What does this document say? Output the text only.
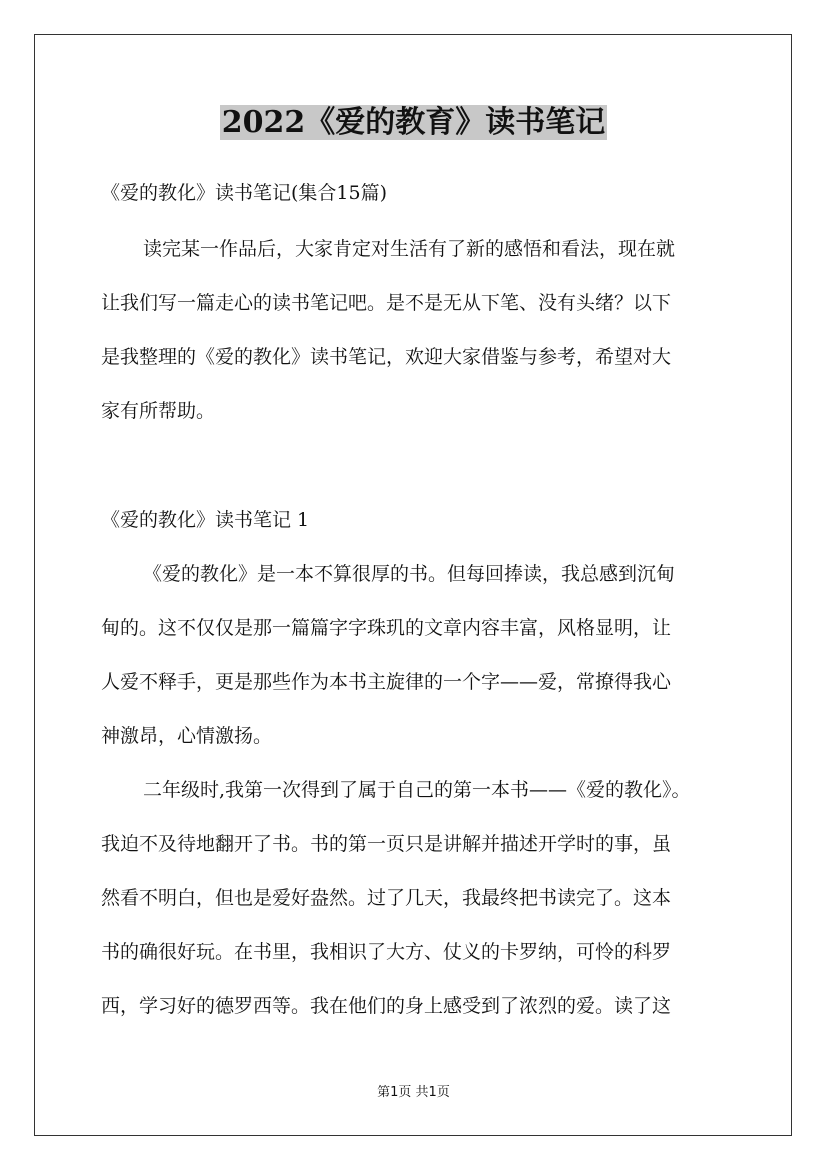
2022《爱的教育》读书笔记
《爱的教化》读书笔记(集合15篇)
读完某一作品后，大家肯定对生活有了新的感悟和看法，现在就
让我们写一篇走心的读书笔记吧。是不是无从下笔、没有头绪？以下
是我整理的《爱的教化》读书笔记，欢迎大家借鉴与参考，希望对大
家有所帮助。
《爱的教化》读书笔记 1
《爱的教化》是一本不算很厚的书。但每回捧读，我总感到沉甸
甸的。这不仅仅是那一篇篇字字珠玑的文章内容丰富，风格显明，让
人爱不释手，更是那些作为本书主旋律的一个字——爱，常撩得我心
神激昂，心情激扬。
二年级时,我第一次得到了属于自己的第一本书——《爱的教化》。
我迫不及待地翻开了书。书的第一页只是讲解并描述开学时的事，虽
然看不明白，但也是爱好盎然。过了几天，我最终把书读完了。这本
书的确很好玩。在书里，我相识了大方、仗义的卡罗纳，可怜的科罗
西，学习好的德罗西等。我在他们的身上感受到了浓烈的爱。读了这
第1页 共1页
